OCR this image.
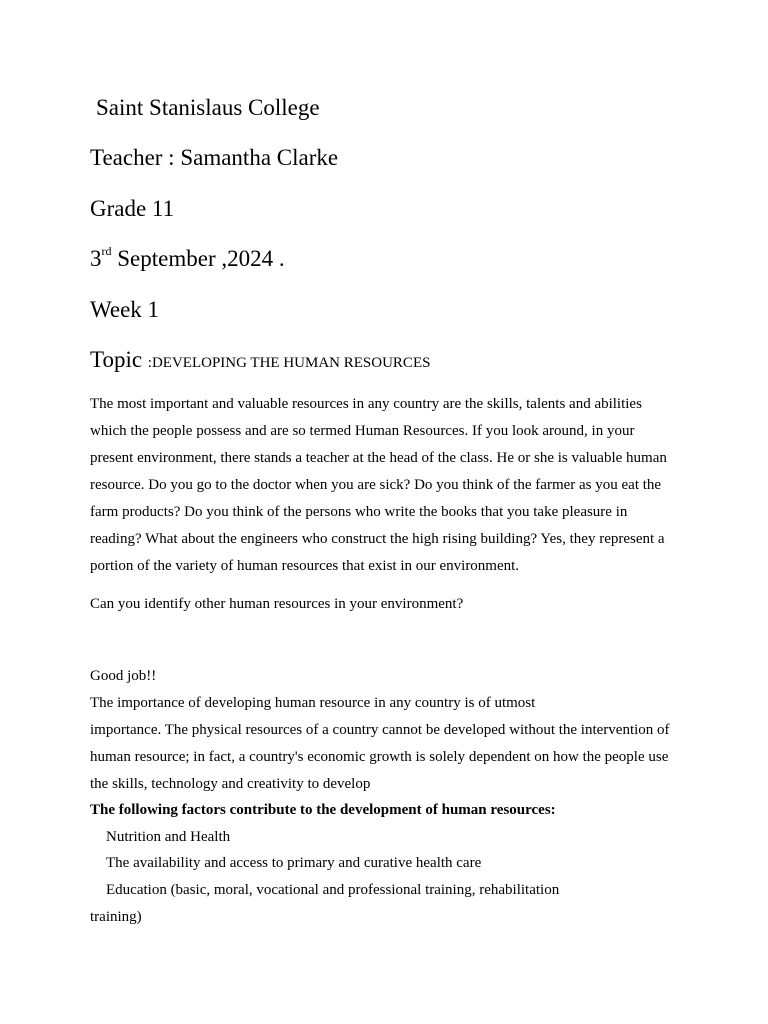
Saint Stanislaus College
Teacher : Samantha Clarke
Grade 11
3rd September ,2024 .
Week 1
Topic :DEVELOPING THE HUMAN RESOURCES
The most important and valuable resources in any country are the skills, talents and abilities
which the people possess and are so termed Human Resources. If you look around, in your
present environment, there stands a teacher at the head of the class. He or she is valuable human
resource. Do you go to the doctor when you are sick? Do you think of the farmer as you eat the
farm products? Do you think of the persons who write the books that you take pleasure in
reading? What about the engineers who construct the high rising building? Yes, they represent a
portion of the variety of human resources that exist in our environment.
Can you identify other human resources in your environment?
Good job!!
The importance of developing human resource in any country is of utmost
importance. The physical resources of a country cannot be developed without the intervention of
human resource; in fact, a country's economic growth is solely dependent on how the people use
the skills, technology and creativity to develop
The following factors contribute to the development of human resources:
Nutrition and Health
The availability and access to primary and curative health care
Education (basic, moral, vocational and professional training, rehabilitation
training)
